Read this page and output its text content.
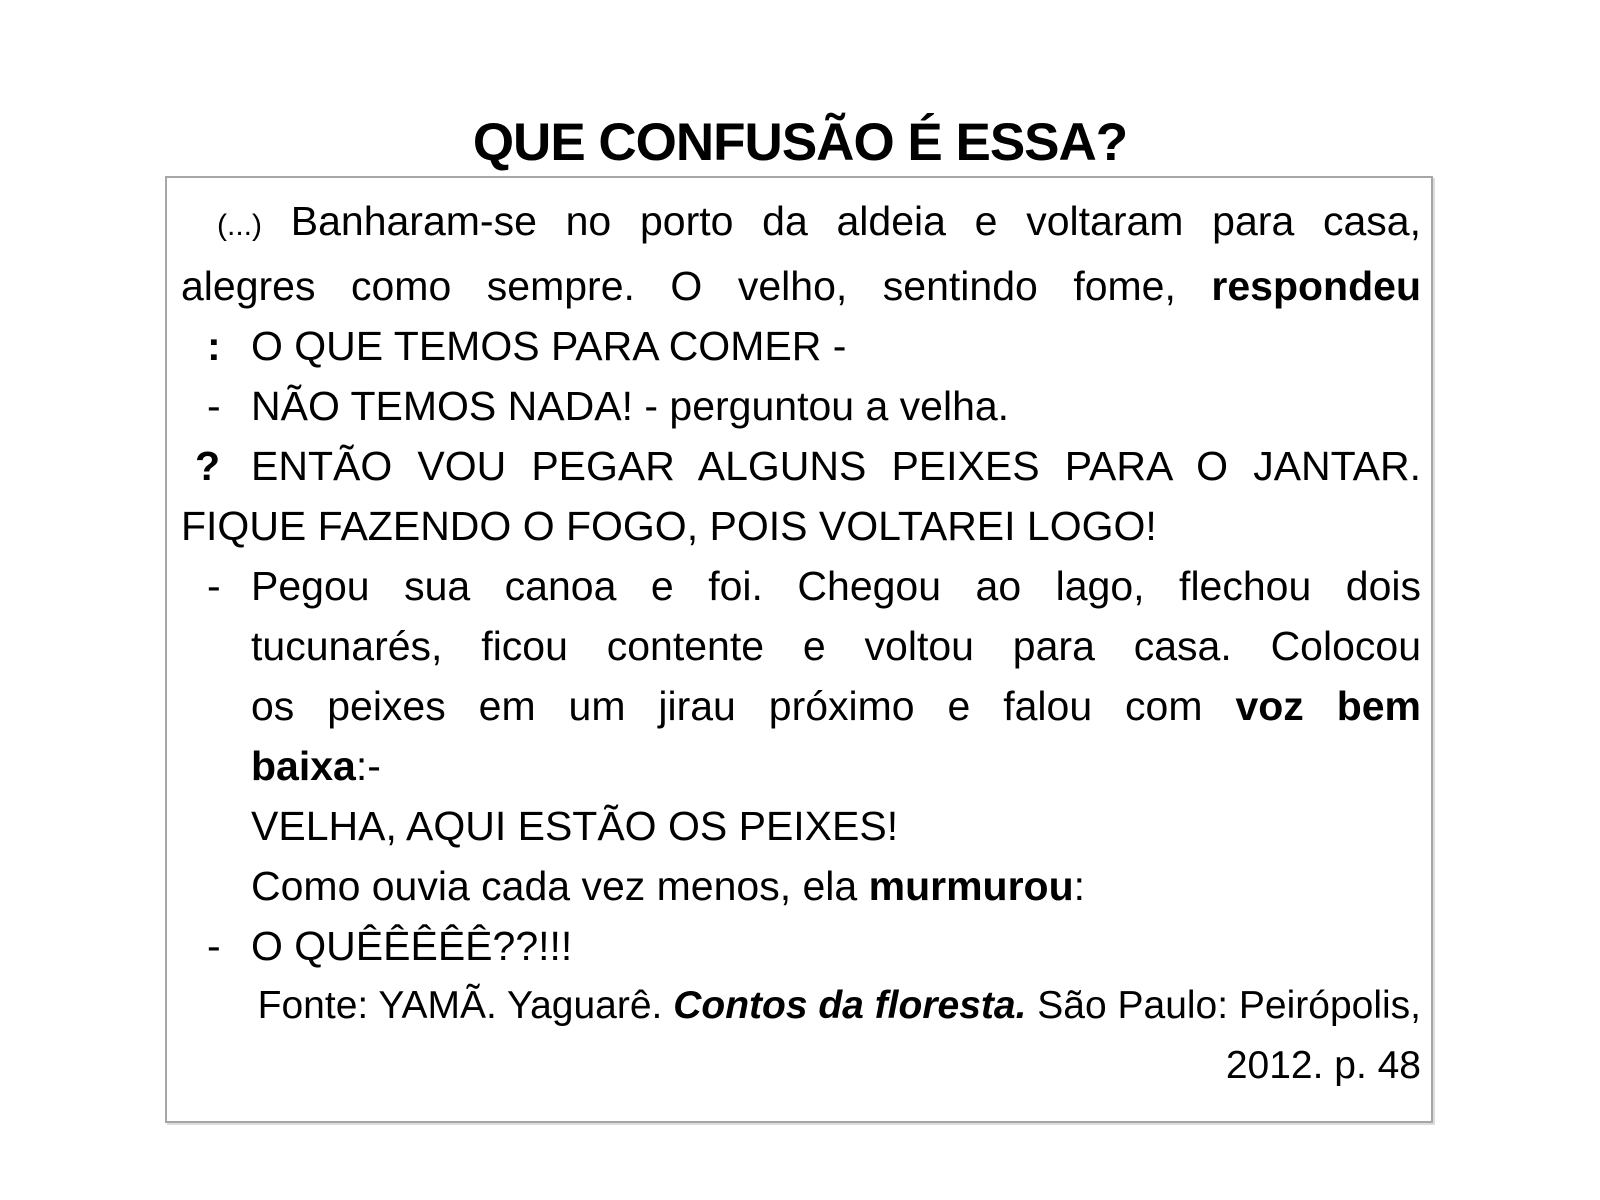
QUE CONFUSÃO É ESSA?
(...) Banharam-se no porto da aldeia e voltaram para casa,
alegres como sempre. O velho, sentindo fome, respondeu
: O QUE TEMOS PARA COMER -
- NÃO TEMOS NADA! - perguntou a velha.
? ENTÃO VOU PEGAR ALGUNS PEIXES PARA O JANTAR.
FIQUE FAZENDO O FOGO, POIS VOLTAREI LOGO!
- Pegou sua canoa e foi. Chegou ao lago, flechou dois
tucunarés, ficou contente e voltou para casa. Colocou
os peixes em um jirau próximo e falou com voz bem
baixa:-
VELHA, AQUI ESTÃO OS PEIXES!
Como ouvia cada vez menos, ela murmurou:
- O QUÊÊÊÊÊ??!!!
Fonte: YAMÃ. Yaguarê. Contos da floresta. São Paulo: Peirópolis,
2012. p. 48
